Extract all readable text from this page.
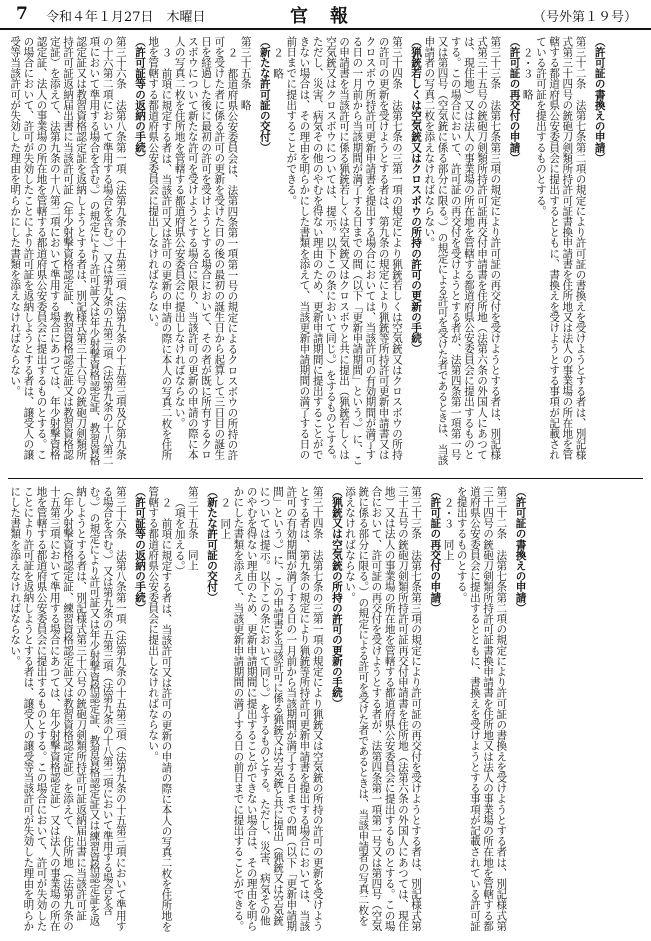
7 令和４年１月27日　木曜日	官報	（号外第１９号）

（許可証の書換えの申請）

第三十二条　法第七条第二項の規定により許可証の書換えを受けようとする者は、別記様式第三十四号の銃砲刀剣類所持許可証書換申請書を住所地又は法人の事業場の所在地を管轄する都道府県公安委員会に提出するとともに、書換えを受けようとする事項が記載されている許可証を提出するものとする。

２・３　略

（許可証の再交付の申請）

第三十三条　法第七条第三項の規定により許可証の再交付を受けようとする者は、別記様式第三十五号の銃砲刀剣類所持許可証再交付申請書を住所地（法第六条の外国人にあつては、現住地）又は法人の事業場の所在地を管轄する都道府県公安委員会に提出するものとする。この場合において、許可証の再交付を受けようとする者が、法第四条第一項第一号又は第四号（空気銃に係る部分に限る。）の規定による許可を受けた者であるときは、当該申請者の写真二枚を添えなければならない。

（猟銃若しくは空気銃又はクロスボウの所持の許可の更新の手続）

第三十四条　法第七条の三第一項の規定により猟銃若しくは空気銃又はクロスボウの所持の許可の更新を受けようとする者は、第九条の規定により猟銃等所持許可更新申請書又はクロスボウ所持許可更新申請書を提出する場合においては、当該許可の有効期間が満了する日の一月前から当該期間が満了する日までの間（以下「更新申請期間」という。）に、この申請書を当該許可に係る猟銃若しくは空気銃又はクロスボウと共に提出（猟銃若しくは空気銃又はクロスボウについては、提示。以下この条において同じ。）をするものとする。ただし、災害、病気その他のやむを得ない理由のため、更新申請期間に提出することができない場合は、その理由を明らかにした書類を添えて、当該更新申請期間の満了する日の前日までに提出することができる。

２　略

（新たな許可証の交付）

第三十五条　略

２　都道府県公安委員会は、法第四条第一項第一号の規定によるクロスボウの所持の許可を受けた者に係る許可の更新を受けた日の後の最初の誕生日から起算して三日目の誕生日を経過した後に最初の許可を受けようとする場合において、その者が既に所有するクロスボウについて新たな許可を受けようとする場合に限り、当該許可の更新の申請の際に本人の写真二枚を住所地を管轄する都道府県公安委員会に提出しなければならない。

３　前項に規定する者は、当該許可又は許可の更新の申請の際に本人の写真二枚を住所地を管轄する都道府県公安委員会に提出しなければならない。

（許可証等の返納の手続）

第三十六条　法第八条第一項（法第九条の十五第三項（法第九条の十五第三項及び第九条の十六第二項において準用する場合を含む。）又は第九条の五第三項（法第九条の十八第二項において準用する場合を含む。）の規定により許可証又は年少射撃資格認定証、教習資格認定証又は教習資格認定証を返納しようとする者は、別記様式第三十六号の銃砲刀剣類所持許可証返納届出書に当該許可証（年少射撃資格認定証、教習資格認定証又は教習資格認定証）を添えて、法第九条の十八第二項において準用する場合にあつては、年少射撃資格認定証、法人の事業場の所在地を管轄する都道府県公安委員会に提出するものとする。この場合において、許可が失効したことにより許可証を返納しようとする者は、譲受人の譲受等当該許可が失効した理由を明らかにした書類を添えなければならない。

（許可証の書換えの申請）

第三十二条　法第七条第二項の規定により許可証の書換えを受けようとする者は、別記様式第三十四号の銃砲刀剣類所持許可証書換申請書を住所地又は法人の事業場の所在地を管轄する都道府県公安委員会に提出するとともに、書換えを受けようとする事項が記載されている許可証を提出するものとする。

２・３　同上

（許可証の再交付の申請）

第三十三条　法第七条第三項の規定により許可証の再交付を受けようとする者は、別記様式第三十五号の銃砲刀剣類所持許可証再交付申請書を住所地（法第六条の外国人にあつては、現住地）又は法人の事業場の所在地を管轄する都道府県公安委員会に提出するものとする。この場合において、許可証の再交付を受けようとする者が、法第四条第一項第一号又は第四号（空気銃に係る部分に限る。）の規定による許可を受けた者であるときは、当該申請者の写真二枚を添えなければならない。

（猟銃又は空気銃の所持の許可の更新の手続）

第三十四条　法第七条の三第一項の規定により猟銃又は空気銃の所持の許可の更新を受けようとする者は、第九条の規定により猟銃等所持許可更新申請書を提出する場合においては、当該許可の有効期間が満了する日の一月前から当該期間が満了する日までの間（以下「更新申請期間」という。）に、この申請書を当該許可に係る猟銃又は空気銃と共に提出（猟銃又は空気銃については提示。以下この条において同じ。）をするものとする。ただし、災害、病気その他のやむを得ない理由のため、更新申請期間に提出することができない場合は、その理由を明らかにした書類を添えて、当該更新申請期間の満了する日の前日までに提出することができる。

２　同上

（新たな許可証の交付）

第三十五条　同上

（項を加える。）

２　前項に規定する者は、当該許可又は許可の更新の申請の際に本人の写真二枚を住所地を管轄する都道府県公安委員会に提出しなければならない。

（許可証等の返納の手続）

第三十六条　法第八条第一項（法第九条の十五第三項（法第九条の十五第三項において準用する場合を含む。）又は第九条の五第三項（法第九条の十八第二項において準用する場合を含む。）の規定により許可証又は年少射撃資格認定証、教習資格認定証又は練習資格認定証を返納しようとする者は、別記様式第三十六号の銃砲刀剣類所持許可証返納届出書に当該許可証（年少射撃資格認定証、練習資格認定証又は教習資格認定証）を添えて、住所地（法第九条の十五第三項において準用する場合にあつては、年少射撃資格認定証）又は法人の事業場の所在地を管轄する都道府県公安委員会に提出するものとする。この場合において、許可が失効したことにより許可証を返納しようとする者は、譲受人の譲受等当該許可が失効した理由を明らかにした書類を添えなければならない。
